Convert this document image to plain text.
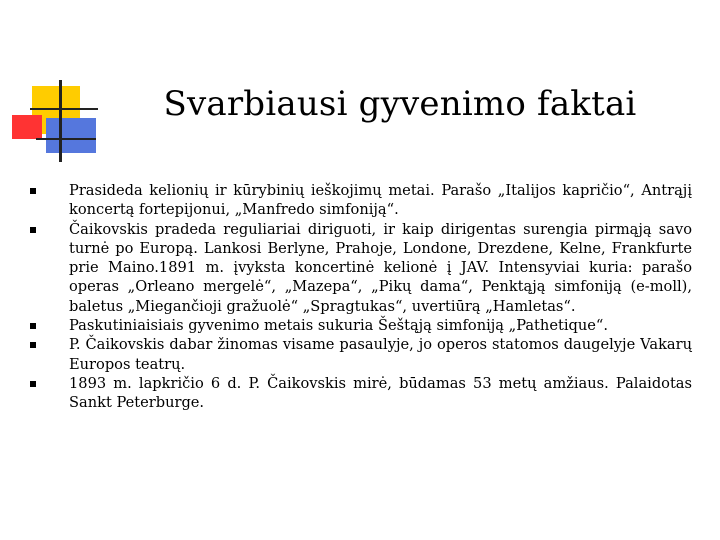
Svarbiausi gyvenimo faktai
Prasideda kelionių ir kūrybinių ieškojimų metai. Parašo „Italijos kapričio“, Antrąjį koncertą fortepijonui, „Manfredo simfoniją“.
Čaikovskis pradeda reguliariai diriguoti, ir kaip dirigentas surengia pirmąją savo turnė po Europą. Lankosi Berlyne, Prahoje, Londone, Drezdene, Kelne, Frankfurte prie Maino.1891 m. įvyksta koncertinė kelionė į JAV. Intensyviai kuria: parašo operas „Orleano mergelė“, „Mazepa“, „Pikų dama“, Penktąją simfoniją (e-moll), baletus „Miegančioji gražuolė“ „Spragtukas“, uvertiūrą „Hamletas“.
Paskutiniaisiais gyvenimo metais sukuria Šeštąją simfoniją „Pathetique“.
P. Čaikovskis dabar žinomas visame pasaulyje, jo operos statomos daugelyje Vakarų Europos teatrų.
1893 m. lapkričio 6 d. P. Čaikovskis mirė, būdamas 53 metų amžiaus. Palaidotas Sankt Peterburge.
